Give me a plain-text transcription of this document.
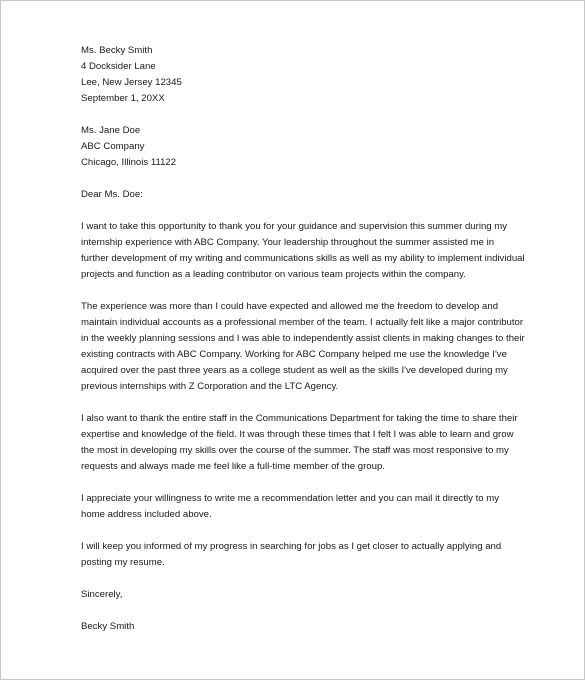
Ms. Becky Smith
4 Docksider Lane
Lee, New Jersey 12345
September 1, 20XX
Ms. Jane Doe
ABC Company
Chicago, Illinois 11122
Dear Ms. Doe:
I want to take this opportunity to thank you for your guidance and supervision this summer during my
internship experience with ABC Company. Your leadership throughout the summer assisted me in
further development of my writing and communications skills as well as my ability to implement individual
projects and function as a leading contributor on various team projects within the company.
The experience was more than I could have expected and allowed me the freedom to develop and
maintain individual accounts as a professional member of the team. I actually felt like a major contributor
in the weekly planning sessions and I was able to independently assist clients in making changes to their
existing contracts with ABC Company. Working for ABC Company helped me use the knowledge I've
acquired over the past three years as a college student as well as the skills I've developed during my
previous internships with Z Corporation and the LTC Agency.
I also want to thank the entire staff in the Communications Department for taking the time to share their
expertise and knowledge of the field. It was through these times that I felt I was able to learn and grow
the most in developing my skills over the course of the summer. The staff was most responsive to my
requests and always made me feel like a full-time member of the group.
I appreciate your willingness to write me a recommendation letter and you can mail it directly to my
home address included above.
I will keep you informed of my progress in searching for jobs as I get closer to actually applying and
posting my resume.
Sincerely,
Becky Smith
